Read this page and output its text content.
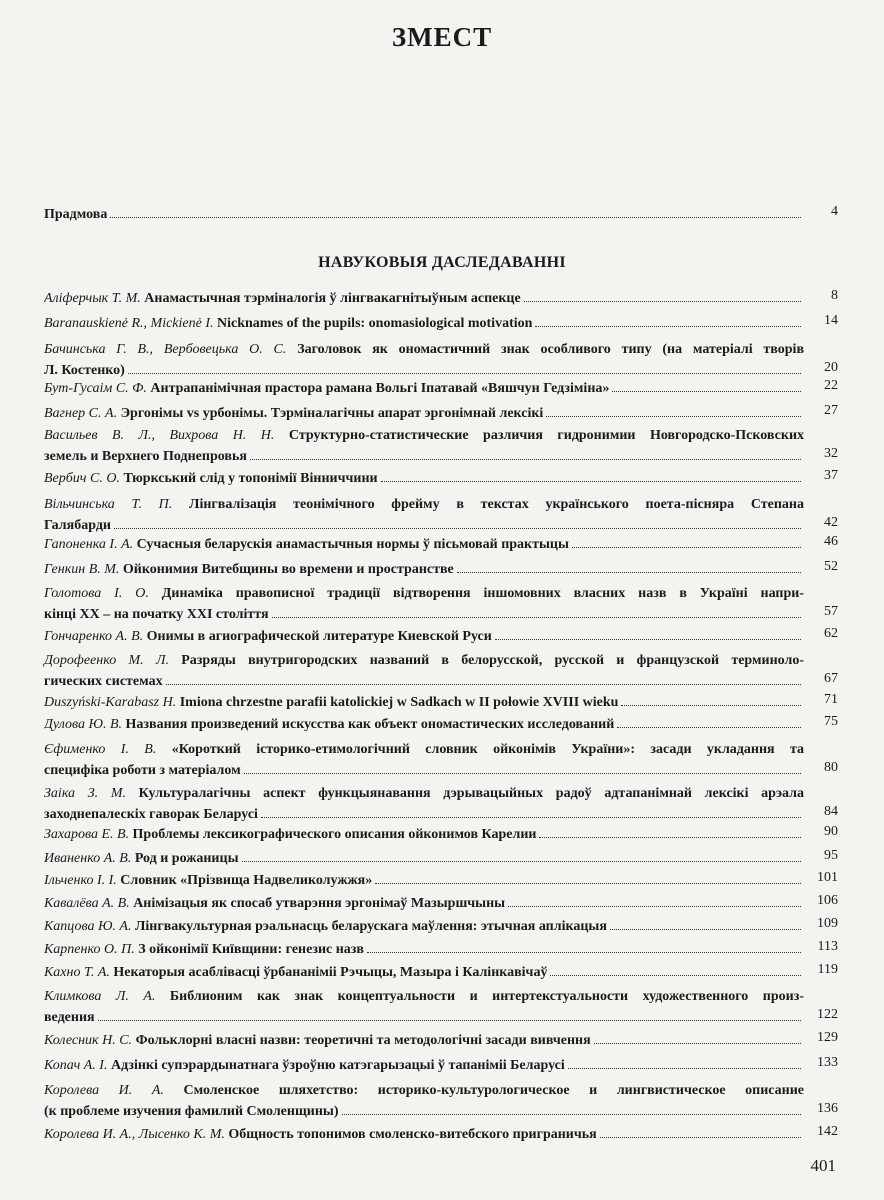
ЗМЕСТ
Прадмова	4
НАВУКОВЫЯ ДАСЛЕДАВАННІ
Аліферчык Т. М. Анамастычная тэрміналогія ў лінгвакагнітыўным аспекце	8
Baranauskienė R., Mickienė I. Nicknames of the pupils: onomasiological motivation	14
Бачинська Г. В., Вербовецька О. С. Заголовок як ономастичний знак особливого типу (на матеріалі творів
Л. Костенко)	20
Бут-Гусаім С. Ф. Антрапанімічная прастора рамана Вольгі Іпатавай «Вяшчун Гедзіміна»	22
Вагнер С. А. Эргонімы vs урбонімы. Тэрміналагічны апарат эргонімнай лексікі	27
Васильев В. Л., Вихрова Н. Н. Структурно-статистические различия гидронимии Новгородско-Псковских
земель и Верхнего Поднепровья	32
Вербич С. О. Тюркський слід у топонімії Вінниччини	37
Вільчинська Т. П. Лінгвалізація теонімічного фрейму в текстах українського поета-пісняра Степана
Галябарди	42
Гапоненка І. А. Сучасныя беларускія анамастычныя нормы ў пісьмовай практыцы	46
Генкин В. М. Ойконимия Витебщины во времени и пространстве	52
Голотова І. О. Динаміка правописної традиції відтворення іншомовних власних назв в Україні напри-
кінці XX – на початку XXI століття	57
Гончаренко А. В. Онимы в агиографической литературе Киевской Руси	62
Дорофеенко М. Л. Разряды внутригородских названий в белорусской, русской и французской терминоло-
гических системах	67
Duszyński-Karabasz H. Imiona chrzestne parafii katolickiej w Sadkach w II połowie XVIII wieku	71
Дулова Ю. В. Названия произведений искусства как объект ономастических исследований	75
Єфименко І. В. «Короткий історико-етимологічний словник ойконімів України»: засади укладання та
специфіка роботи з матеріалом	80
Заіка З. М. Культуралагічны аспект функцыянавання дэрывацыйных радоў адтапанімнай лексікі арэала
заходнепалескіх гаворак Беларусі	84
Захарова Е. В. Проблемы лексикографического описания ойконимов Карелии	90
Иваненко А. В. Род и рожаницы	95
Ільченко І. І. Словник «Прізвища Надвеликолужжя»	101
Кавалёва А. В. Анімізацыя як спосаб утварэння эргонімаў Мазыршчыны	106
Капцова Ю. А. Лінгвакультурная рэальнасць беларускага маўлення: этычная аплікацыя	109
Карпенко О. П. З ойконімії Київщини: генезис назв	113
Кахно Т. А. Некаторыя асаблівасці ўрбананіміі Рэчыцы, Мазыра і Калінкавічаў	119
Климкова Л. А. Библионим как знак концептуальности и интертекстуальности художественного произ-
ведения	122
Колесник Н. С. Фольклорні власні назви: теоретичні та методологічні засади вивчення	129
Копач А. І. Адзінкі супэрардынатнага ўзроўню катэгарызацыі ў тапаніміі Беларусі	133
Королева И. А. Смоленское шляхетство: историко-культурологическое и лингвистическое описание
(к проблеме изучения фамилий Смоленщины)	136
Королева И. А., Лысенко К. М. Общность топонимов смоленско-витебского приграничья	142
401
